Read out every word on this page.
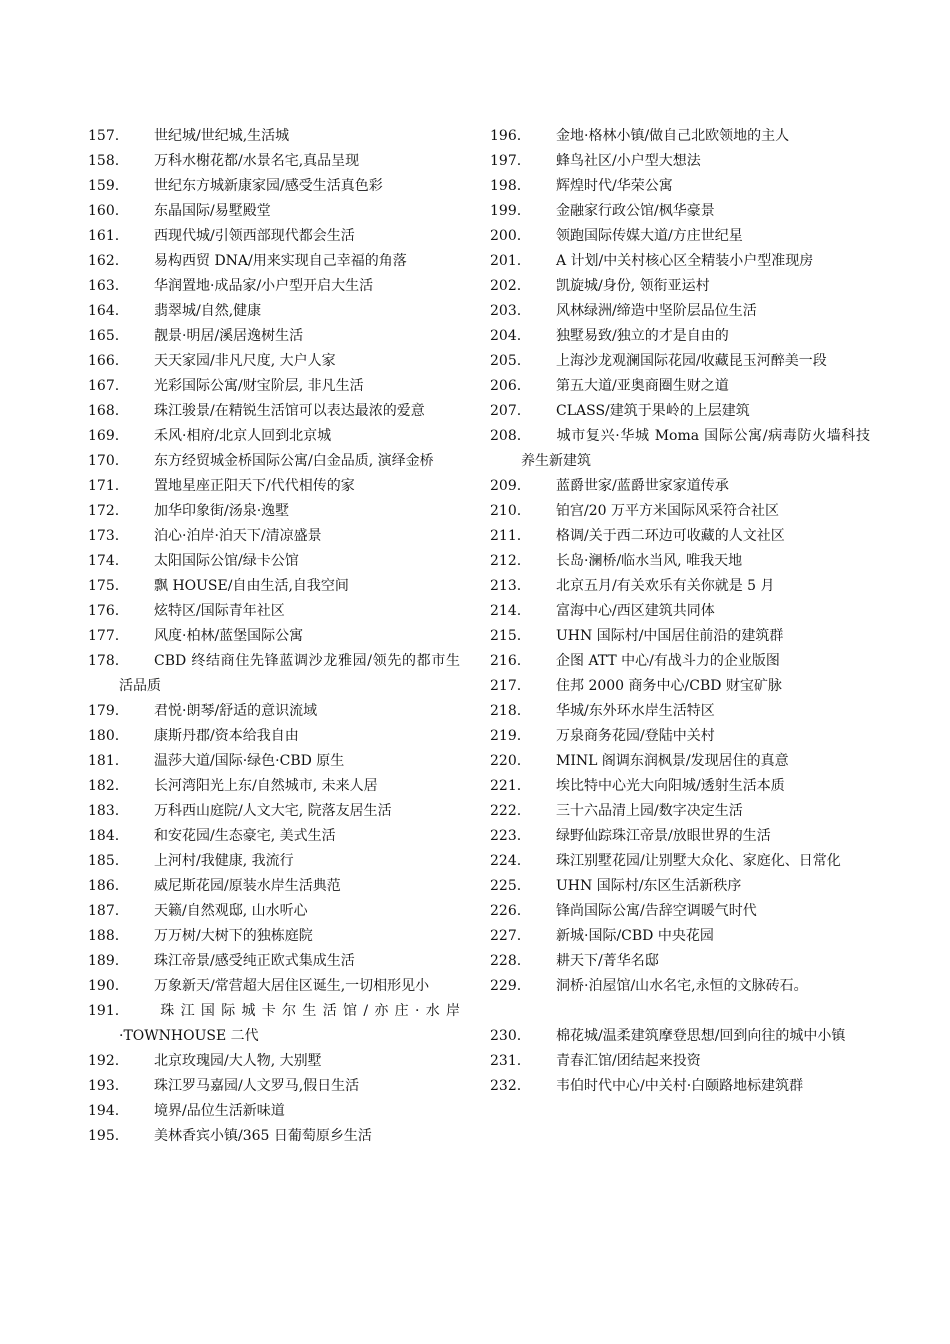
157. 世纪城/世纪城,生活城

158. 万科水榭花都/水景名宅,真品呈现

159. 世纪东方城新康家园/感受生活真色彩

160. 东晶国际/易墅殿堂

161. 西现代城/引领西部现代都会生活

162. 易构西贸 DNA/用来实现自己幸福的角落

163. 华润置地·成品家/小户型开启大生活

164. 翡翠城/自然,健康

165. 靓景·明居/溪居逸树生活

166. 天天家园/非凡尺度, 大户人家

167. 光彩国际公寓/财宝阶层, 非凡生活

168. 珠江骏景/在精锐生活馆可以表达最浓的爱意

169. 禾风·相府/北京人回到北京城

170. 东方经贸城金桥国际公寓/白金品质, 演绎金桥

171. 置地星座正阳天下/代代相传的家

172. 加华印象街/汤泉·逸墅

173. 泊心·泊岸·泊天下/清凉盛景

174. 太阳国际公馆/绿卡公馆

175. 飘 HOUSE/自由生活,自我空间

176. 炫特区/国际青年社区

177. 风度·柏林/蓝堡国际公寓

178. CBD 终结商住先锋蓝调沙龙雅园/领先的都市生活品质

179. 君悦·朗琴/舒适的意识流域

180. 康斯丹郡/资本给我自由

181. 温莎大道/国际·绿色·CBD 原生

182. 长河湾阳光上东/自然城市, 未来人居

183. 万科西山庭院/人文大宅, 院落友居生活

184. 和安花园/生态豪宅, 美式生活

185. 上河村/我健康, 我流行

186. 威尼斯花园/原装水岸生活典范

187. 天籁/自然观邸, 山水听心

188. 万万树/大树下的独栋庭院

189. 珠江帝景/感受纯正欧式集成生活

190. 万象新天/常营超大居住区诞生,一切相形见小

191. 珠江国际城卡尔生活馆/亦庄·水岸·TOWNHOUSE 二代

192. 北京玫瑰园/大人物, 大别墅

193. 珠江罗马嘉园/人文罗马,假日生活

194. 境界/品位生活新味道

195. 美林香宾小镇/365 日葡萄原乡生活

196. 金地·格林小镇/做自己北欧领地的主人

197. 蜂鸟社区/小户型大想法

198. 辉煌时代/华荣公寓

199. 金融家行政公馆/枫华豪景

200. 领跑国际传媒大道/方庄世纪星

201. A 计划/中关村核心区全精装小户型准现房

202. 凯旋城/身份, 领衔亚运村

203. 风林绿洲/缔造中坚阶层品位生活

204. 独墅易致/独立的才是自由的

205. 上海沙龙观澜国际花园/收藏昆玉河醉美一段

206. 第五大道/亚奥商圈生财之道

207. CLASS/建筑于果岭的上层建筑

208. 城市复兴·华城 Moma 国际公寓/病毒防火墙科技养生新建筑

209. 蓝爵世家/蓝爵世家家道传承

210. 铂宫/20 万平方米国际风采符合社区

211. 格调/关于西二环边可收藏的人文社区

212. 长岛·澜桥/临水当风, 唯我天地

213. 北京五月/有关欢乐有关你就是 5 月

214. 富海中心/西区建筑共同体

215. UHN 国际村/中国居住前沿的建筑群

216. 企图 ATT 中心/有战斗力的企业版图

217. 住邦 2000 商务中心/CBD 财宝矿脉

218. 华城/东外环水岸生活特区

219. 万泉商务花园/登陆中关村

220. MINL 阁调东润枫景/发现居住的真意

221. 埃比特中心光大向阳城/透射生活本质

222. 三十六品清上园/数字决定生活

223. 绿野仙踪珠江帝景/放眼世界的生活

224. 珠江别墅花园/让别墅大众化、家庭化、日常化

225. UHN 国际村/东区生活新秩序

226. 锋尚国际公寓/告辞空调暖气时代

227. 新城·国际/CBD 中央花园

228. 耕天下/菁华名邸

229. 洞桥·泊屋馆/山水名宅,永恒的文脉砖石。

230. 棉花城/温柔建筑摩登思想/回到向往的城中小镇

231. 青春汇馆/团结起来投资

232. 韦伯时代中心/中关村·白颐路地标建筑群
